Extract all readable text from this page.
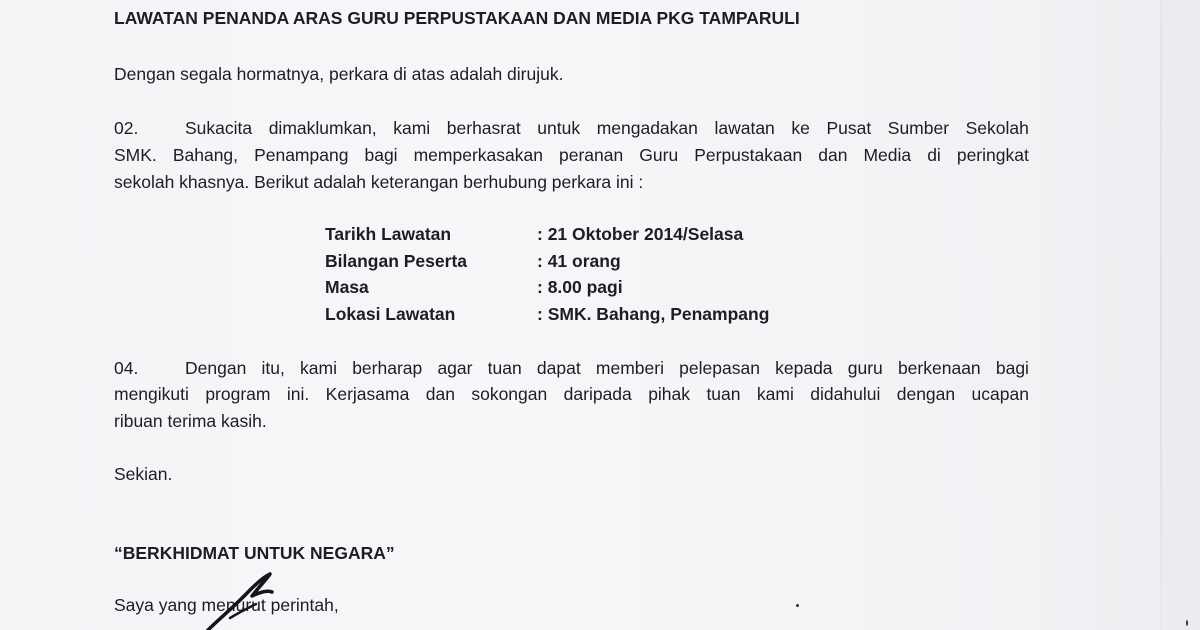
LAWATAN PENANDA ARAS GURU PERPUSTAKAAN DAN MEDIA PKG TAMPARULI
Dengan segala hormatnya, perkara di atas adalah dirujuk.
02.	Sukacita dimaklumkan, kami berhasrat untuk mengadakan lawatan ke Pusat Sumber Sekolah
SMK. Bahang, Penampang bagi memperkasakan peranan Guru Perpustakaan dan Media di peringkat
sekolah khasnya. Berikut adalah keterangan berhubung perkara ini :
Tarikh Lawatan	: 21 Oktober 2014/Selasa
Bilangan Peserta	: 41 orang
Masa	: 8.00 pagi
Lokasi Lawatan	: SMK. Bahang, Penampang
04.	Dengan itu, kami berharap agar tuan dapat memberi pelepasan kepada guru berkenaan bagi
mengikuti program ini. Kerjasama dan sokongan daripada pihak tuan kami didahului dengan ucapan
ribuan terima kasih.
Sekian.
“BERKHIDMAT UNTUK NEGARA”
Saya yang menurut perintah,
